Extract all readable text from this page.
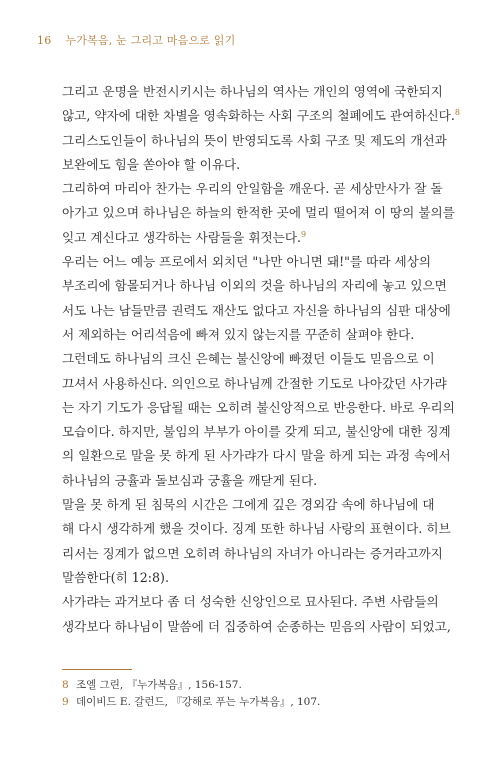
16 누가복음, 눈 그리고 마음으로 읽기
그리고 운명을 반전시키시는 하나님의 역사는 개인의 영역에 국한되지
않고, 약자에 대한 차별을 영속화하는 사회 구조의 철폐에도 관여하신다.$^8$
그리스도인들이 하나님의 뜻이 반영되도록 사회 구조 및 제도의 개선과
보완에도 힘을 쏟아야 할 이유다.
그리하여 마리아 찬가는 우리의 안일함을 깨운다. 곧 세상만사가 잘 돌
아가고 있으며 하나님은 하늘의 한적한 곳에 멀리 떨어져 이 땅의 불의를
잊고 계신다고 생각하는 사람들을 휘젓는다.$^9$
우리는 어느 예능 프로에서 외치던 "나만 아니면 돼!"를 따라 세상의
부조리에 함몰되거나 하나님 이외의 것을 하나님의 자리에 놓고 있으면
서도 나는 남들만큼 권력도 재산도 없다고 자신을 하나님의 심판 대상에
서 제외하는 어리석음에 빠져 있지 않는지를 꾸준히 살펴야 한다.
그런데도 하나님의 크신 은혜는 불신앙에 빠졌던 이들도 믿음으로 이
끄셔서 사용하신다. 의인으로 하나님께 간절한 기도로 나아갔던 사가랴
는 자기 기도가 응답될 때는 오히려 불신앙적으로 반응한다. 바로 우리의
모습이다. 하지만, 불임의 부부가 아이를 갖게 되고, 불신앙에 대한 징계
의 일환으로 말을 못 하게 된 사가랴가 다시 말을 하게 되는 과정 속에서
하나님의 긍휼과 돌보심과 궁휼을 깨닫게 된다.
말을 못 하게 된 침묵의 시간은 그에게 깊은 경외감 속에 하나님에 대
해 다시 생각하게 했을 것이다. 징계 또한 하나님 사랑의 표현이다. 히브
리서는 징계가 없으면 오히려 하나님의 자녀가 아니라는 증거라고까지
말씀한다(히 12:8).
사가랴는 과거보다 좀 더 성숙한 신앙인으로 묘사된다. 주변 사람들의
생각보다 하나님이 말씀에 더 집중하여 순종하는 믿음의 사람이 되었고,
8 조엘 그린, 『누가복음』, 156-157.
9 데이비드 E. 갈런드, 『강해로 푸는 누가복음』, 107.
